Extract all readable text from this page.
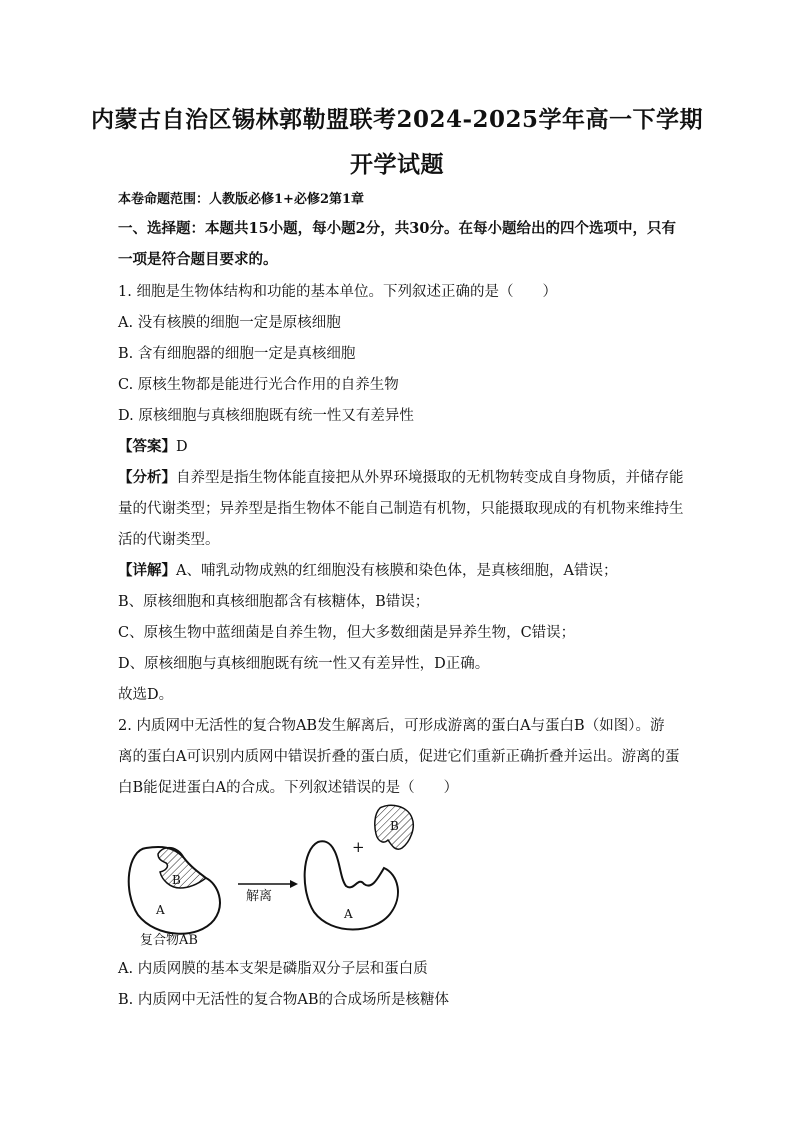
内蒙古自治区锡林郭勒盟联考2024-2025学年高一下学期
开学试题
本卷命题范围：人教版必修1+必修2第1章
一、选择题：本题共15小题，每小题2分，共30分。在每小题给出的四个选项中，只有
一项是符合题目要求的。
1. 细胞是生物体结构和功能的基本单位。下列叙述正确的是（　　）
A. 没有核膜的细胞一定是原核细胞
B. 含有细胞器的细胞一定是真核细胞
C. 原核生物都是能进行光合作用的自养生物
D. 原核细胞与真核细胞既有统一性又有差异性
【答案】D
【分析】自养型是指生物体能直接把从外界环境摄取的无机物转变成自身物质，并储存能
量的代谢类型；异养型是指生物体不能自己制造有机物，只能摄取现成的有机物来维持生
活的代谢类型。
【详解】A、哺乳动物成熟的红细胞没有核膜和染色体，是真核细胞，A错误；
B、原核细胞和真核细胞都含有核糖体，B错误；
C、原核生物中蓝细菌是自养生物，但大多数细菌是异养生物，C错误；
D、原核细胞与真核细胞既有统一性又有差异性，D正确。
故选D。
2. 内质网中无活性的复合物AB发生解离后，可形成游离的蛋白A与蛋白B（如图）。游
离的蛋白A可识别内质网中错误折叠的蛋白质，促进它们重新正确折叠并运出。游离的蛋
白B能促进蛋白A的合成。下列叙述错误的是（　　）
B
A
复合物AB
解离
A
+
B
A. 内质网膜的基本支架是磷脂双分子层和蛋白质
B. 内质网中无活性的复合物AB的合成场所是核糖体
